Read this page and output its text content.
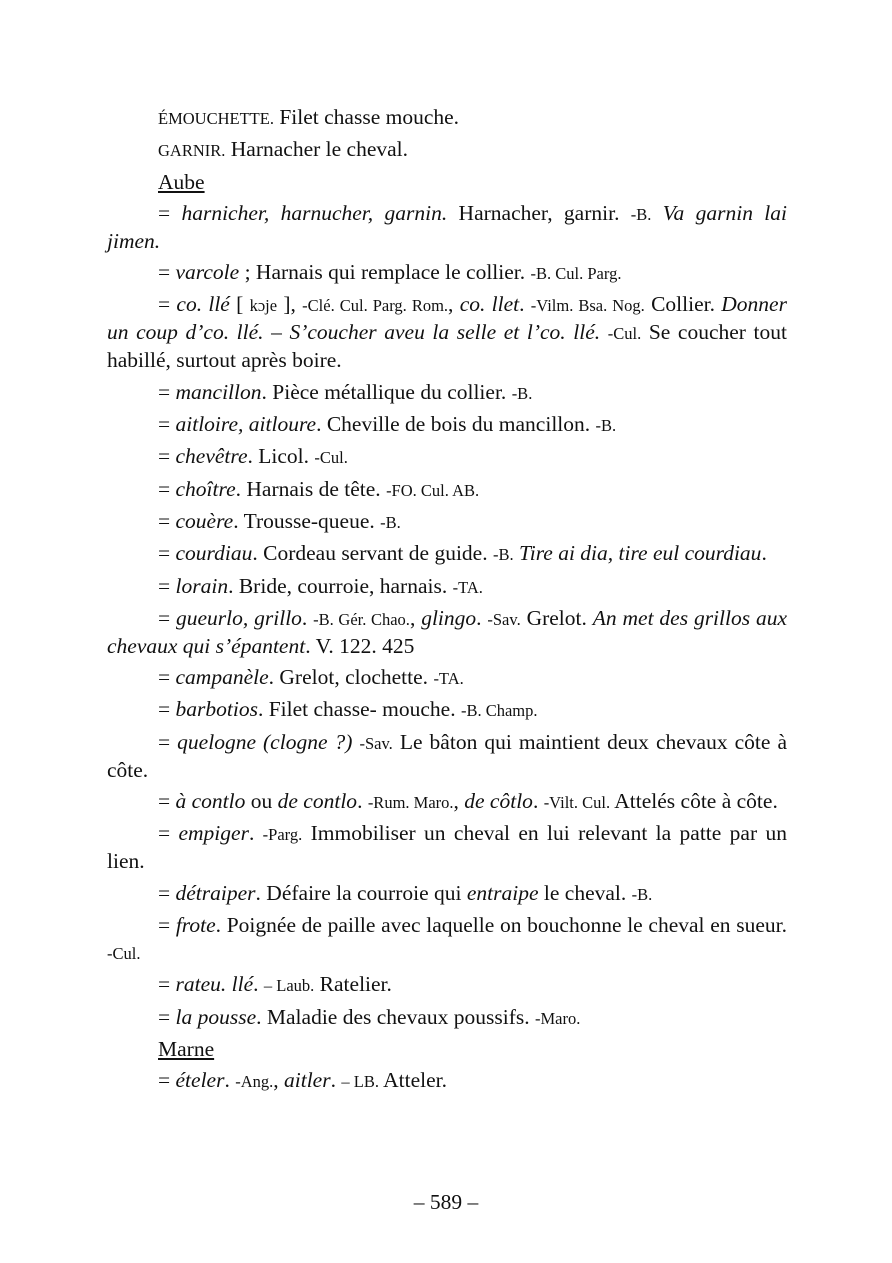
ÉMOUCHETTE. Filet chasse mouche.
GARNIR. Harnacher le cheval.
Aube
= harnicher, harnucher, garnin. Harnacher, garnir. -B. Va garnin lai jimen.
= varcole ; Harnais qui remplace le collier. -B. Cul. Parg.
= co. llé [ kɔje ], -Clé. Cul. Parg. Rom., co. llet. -Vilm. Bsa. Nog. Collier. Donner un coup d’co. llé. – S’coucher aveu la selle et l’co. llé. -Cul. Se coucher tout habillé, surtout après boire.
= mancillon. Pièce métallique du collier. -B.
= aitloire, aitloure. Cheville de bois du mancillon. -B.
= chevêtre. Licol. -Cul.
= choître. Harnais de tête. -FO. Cul. AB.
= couère. Trousse-queue. -B.
= courdiau. Cordeau servant de guide. -B. Tire ai dia, tire eul courdiau.
= lorain. Bride, courroie, harnais. -TA.
= gueurlo, grillo. -B. Gér. Chao., glingo. -Sav. Grelot. An met des grillos aux chevaux qui s’épantent. V. 122. 425
= campanèle. Grelot, clochette. -TA.
= barbotios. Filet chasse- mouche. -B. Champ.
= quelogne (clogne ?) -Sav. Le bâton qui maintient deux chevaux côte à côte.
= à contlo ou de contlo. -Rum. Maro., de côtlo. -Vilt. Cul. Attelés côte à côte.
= empiger. -Parg. Immobiliser un cheval en lui relevant la patte par un lien.
= détraiper. Défaire la courroie qui entraipe le cheval. -B.
= frote. Poignée de paille avec laquelle on bouchonne le cheval en sueur. -Cul.
= rateu. llé. – Laub. Ratelier.
= la pousse. Maladie des chevaux poussifs. -Maro.
Marne
= ételer. -Ang., aitler. – LB. Atteler.
– 589 –
